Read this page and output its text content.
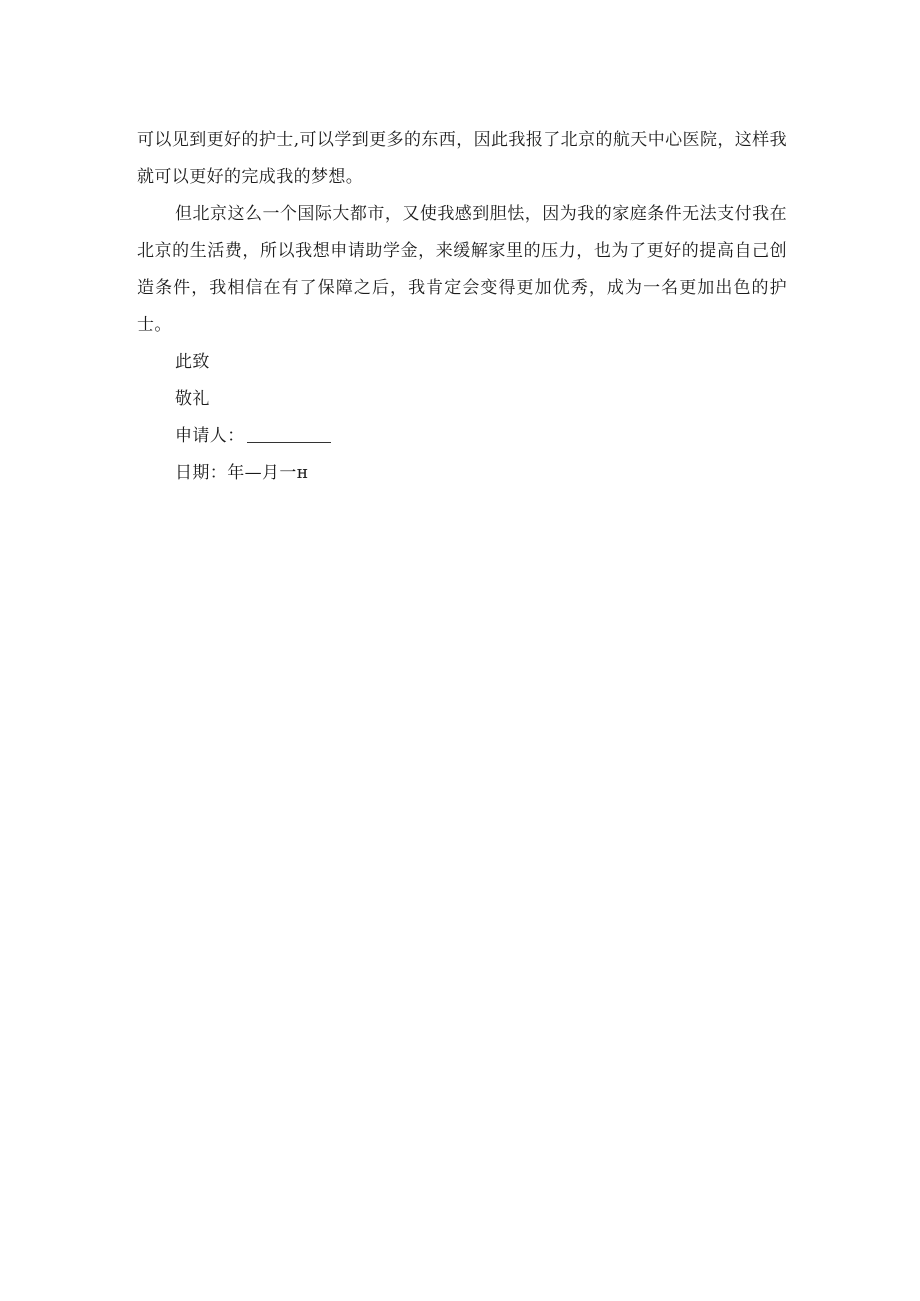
可以见到更好的护士,可以学到更多的东西，因此我报了北京的航天中心医院，这样我就可以更好的完成我的梦想。

但北京这么一个国际大都市，又使我感到胆怯，因为我的家庭条件无法支付我在北京的生活费，所以我想申请助学金，来缓解家里的压力，也为了更好的提高自己创造条件，我相信在有了保障之后，我肯定会变得更加优秀，成为一名更加出色的护士。

此致

敬礼

申请人：

日期：年—月一н
